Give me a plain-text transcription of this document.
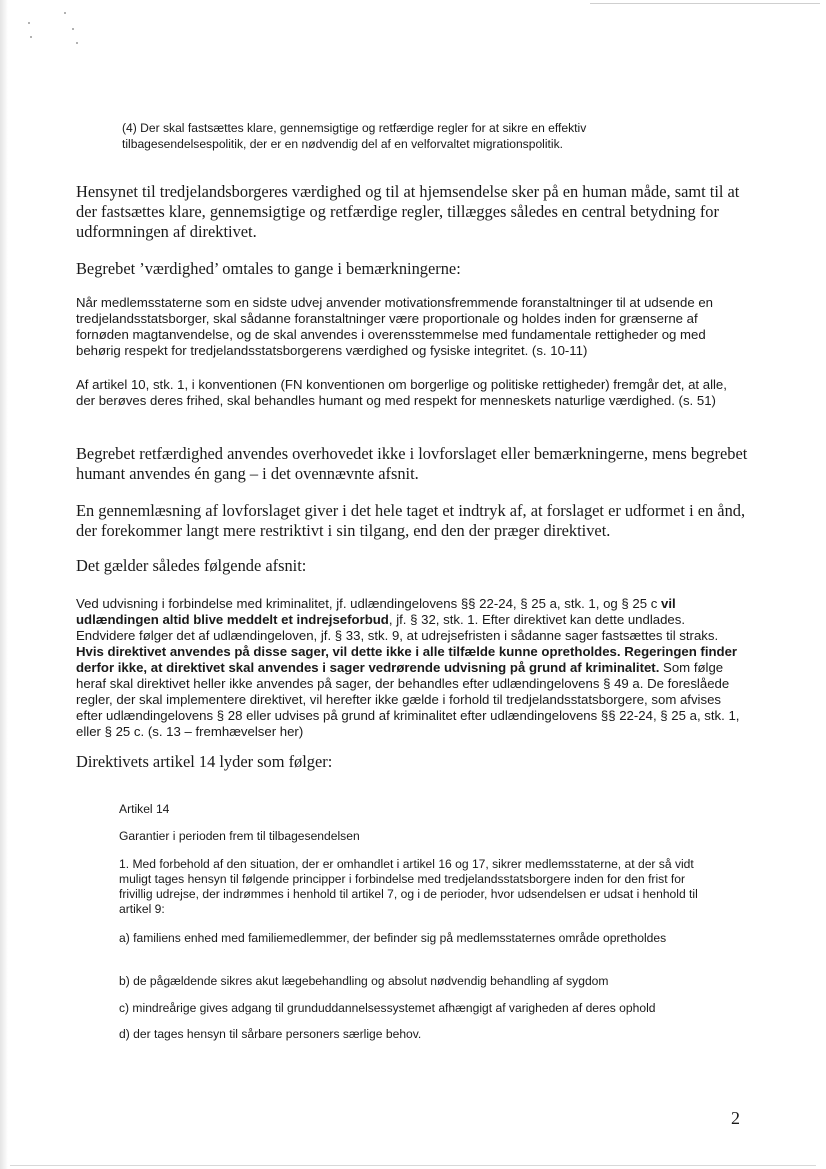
(4) Der skal fastsættes klare, gennemsigtige og retfærdige regler for at sikre en effektiv tilbagesendelsespolitik, der er en nødvendig del af en velforvaltet migrationspolitik.

Hensynet til tredjelandsborgeres værdighed og til at hjemsendelse sker på en human måde, samt til at der fastsættes klare, gennemsigtige og retfærdige regler, tillægges således en central betydning for udformningen af direktivet.

Begrebet ’værdighed’ omtales to gange i bemærkningerne:

Når medlemsstaterne som en sidste udvej anvender motivationsfremmende foranstaltninger til at udsende en tredjelandsstatsborger, skal sådanne foranstaltninger være proportionale og holdes inden for grænserne af fornøden magtanvendelse, og de skal anvendes i overensstemmelse med fundamentale rettigheder og med behørig respekt for tredjelandsstatsborgerens værdighed og fysiske integritet. (s. 10-11)

Af artikel 10, stk. 1, i konventionen (FN konventionen om borgerlige og politiske rettigheder) fremgår det, at alle, der berøves deres frihed, skal behandles humant og med respekt for menneskets naturlige værdighed. (s. 51)

Begrebet retfærdighed anvendes overhovedet ikke i lovforslaget eller bemærkningerne, mens begrebet humant anvendes én gang – i det ovennævnte afsnit.

En gennemlæsning af lovforslaget giver i det hele taget et indtryk af, at forslaget er udformet i en ånd, der forekommer langt mere restriktivt i sin tilgang, end den der præger direktivet.

Det gælder således følgende afsnit:

Ved udvisning i forbindelse med kriminalitet, jf. udlændingelovens §§ 22-24, § 25 a, stk. 1, og § 25 c vil udlændingen altid blive meddelt et indrejseforbud, jf. § 32, stk. 1. Efter direktivet kan dette undlades. Endvidere følger det af udlændingeloven, jf. § 33, stk. 9, at udrejsefristen i sådanne sager fastsættes til straks. Hvis direktivet anvendes på disse sager, vil dette ikke i alle tilfælde kunne opretholdes. Regeringen finder derfor ikke, at direktivet skal anvendes i sager vedrørende udvisning på grund af kriminalitet. Som følge heraf skal direktivet heller ikke anvendes på sager, der behandles efter udlændingelovens § 49 a. De foreslåede regler, der skal implementere direktivet, vil herefter ikke gælde i forhold til tredjelandsstatsborgere, som afvises efter udlændingelovens § 28 eller udvises på grund af kriminalitet efter udlændingelovens §§ 22-24, § 25 a, stk. 1, eller § 25 c. (s. 13 – fremhævelser her)

Direktivets artikel 14 lyder som følger:

Artikel 14
Garantier i perioden frem til tilbagesendelsen
1. Med forbehold af den situation, der er omhandlet i artikel 16 og 17, sikrer medlemsstaterne, at der så vidt muligt tages hensyn til følgende principper i forbindelse med tredjelandsstatsborgere inden for den frist for frivillig udrejse, der indrømmes i henhold til artikel 7, og i de perioder, hvor udsendelsen er udsat i henhold til artikel 9:
a) familiens enhed med familiemedlemmer, der befinder sig på medlemsstaternes område opretholdes
b) de pågældende sikres akut lægebehandling og absolut nødvendig behandling af sygdom
c) mindreårige gives adgang til grunduddannelsessystemet afhængigt af varigheden af deres ophold
d) der tages hensyn til sårbare personers særlige behov.
2
